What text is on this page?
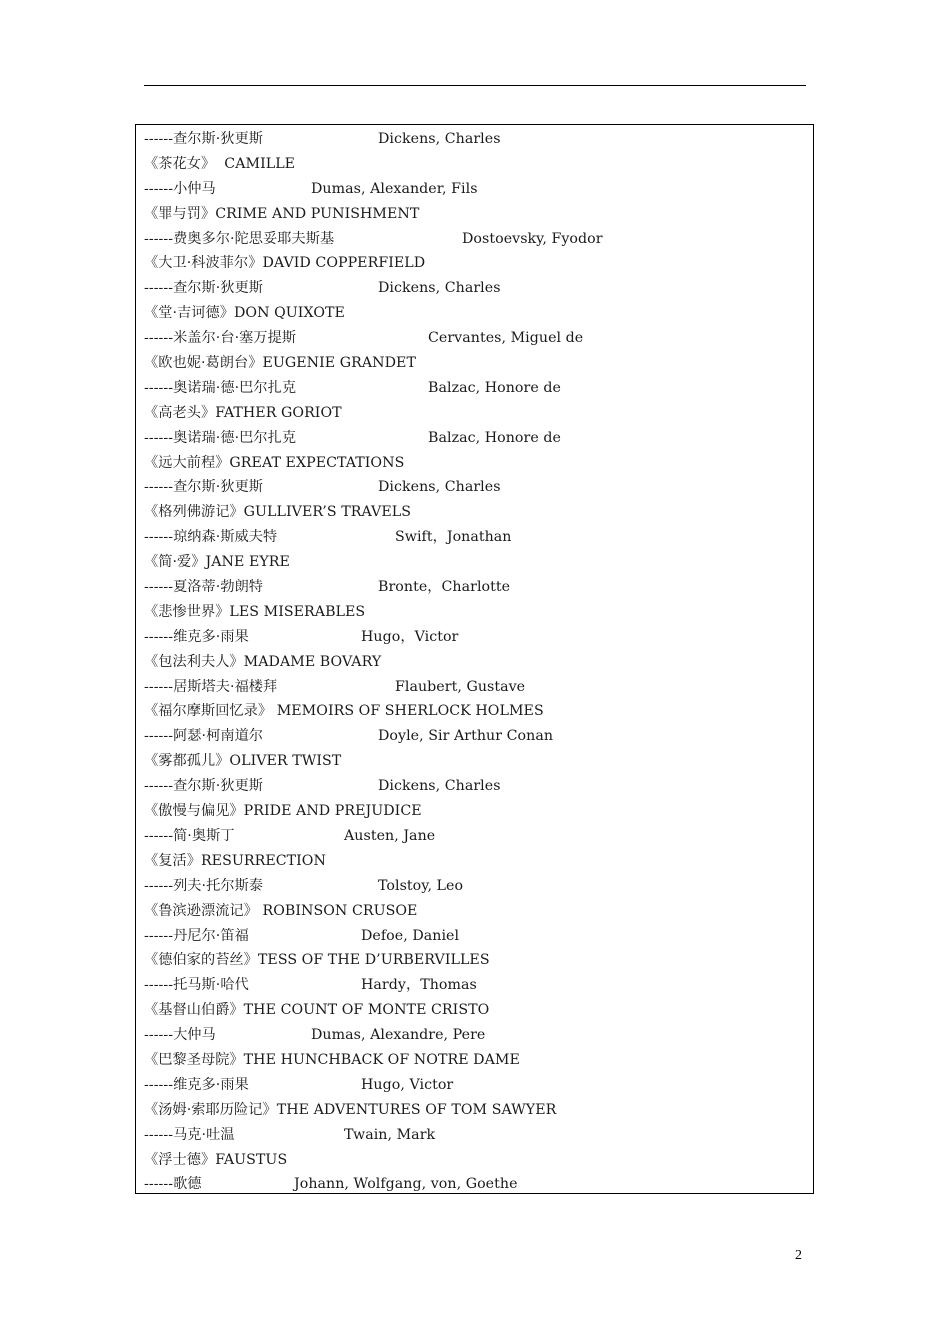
------查尔斯·狄更斯	Dickens, Charles
《茶花女》  CAMILLE
------小仲马	Dumas, Alexander, Fils
《罪与罚》CRIME AND PUNISHMENT
------费奥多尔·陀思妥耶夫斯基	Dostoevsky, Fyodor
《大卫·科波菲尔》DAVID COPPERFIELD
------查尔斯·狄更斯	Dickens, Charles
《堂·吉诃德》DON QUIXOTE
------米盖尔·台·塞万提斯	Cervantes, Miguel de
《欧也妮·葛朗台》EUGENIE GRANDET
------奥诺瑞·德·巴尔扎克	Balzac, Honore de
《高老头》FATHER GORIOT
------奥诺瑞·德·巴尔扎克	Balzac, Honore de
《远大前程》GREAT EXPECTATIONS
------查尔斯·狄更斯	Dickens, Charles
《格列佛游记》GULLIVER’S TRAVELS
------琼纳森·斯威夫特	Swift，Jonathan
《简·爱》JANE EYRE
------夏洛蒂·勃朗特	Bronte，Charlotte
《悲惨世界》LES MISERABLES
------维克多·雨果	Hugo，Victor
《包法利夫人》MADAME BOVARY
------居斯塔夫·福楼拜	Flaubert, Gustave
《福尔摩斯回忆录》 MEMOIRS OF SHERLOCK HOLMES
------阿瑟·柯南道尔	Doyle, Sir Arthur Conan
《雾都孤儿》OLIVER TWIST
------查尔斯·狄更斯	Dickens, Charles
《傲慢与偏见》PRIDE AND PREJUDICE
------简·奥斯丁	Austen, Jane
《复活》RESURRECTION
------列夫·托尔斯泰	Tolstoy, Leo
《鲁滨逊漂流记》 ROBINSON CRUSOE
------丹尼尔·笛福	Defoe, Daniel
《德伯家的苔丝》TESS OF THE D’URBERVILLES
------托马斯·哈代	Hardy，Thomas
《基督山伯爵》THE COUNT OF MONTE CRISTO
------大仲马	Dumas, Alexandre, Pere
《巴黎圣母院》THE HUNCHBACK OF NOTRE DAME
------维克多·雨果	Hugo, Victor
《汤姆·索耶历险记》THE ADVENTURES OF TOM SAWYER
------马克·吐温	Twain, Mark
《浮士德》FAUSTUS
------歌德	Johann, Wolfgang, von, Goethe
2
